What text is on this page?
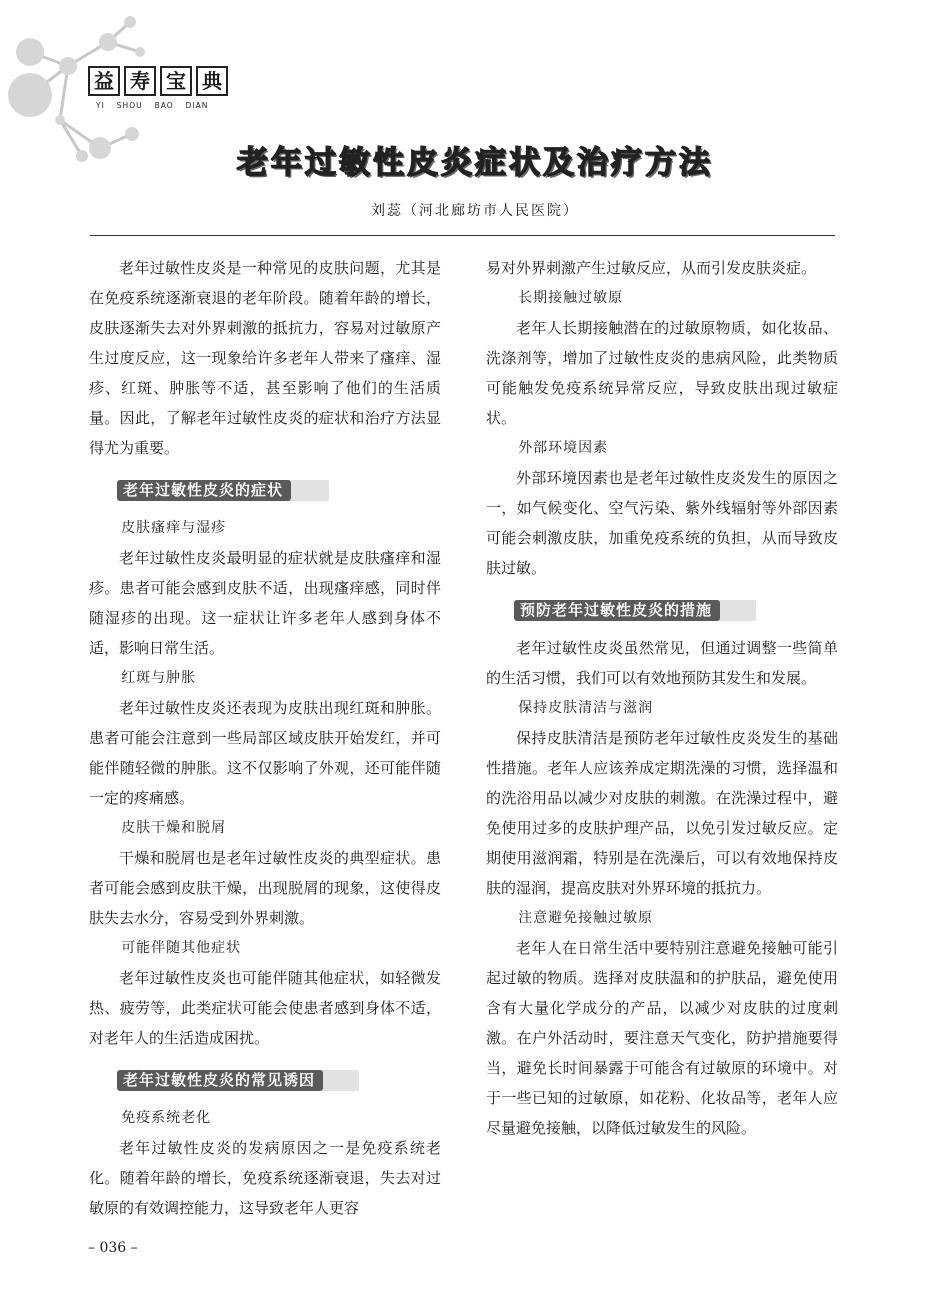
益 寿 宝 典
YI SHOU BAO DIAN
老年过敏性皮炎症状及治疗方法
刘蕊（河北廊坊市人民医院）

老年过敏性皮炎是一种常见的皮肤问题，尤其是在免疫系统逐渐衰退的老年阶段。随着年龄的增长，皮肤逐渐失去对外界刺激的抵抗力，容易对过敏原产生过度反应，这一现象给许多老年人带来了瘙痒、湿疹、红斑、肿胀等不适，甚至影响了他们的生活质量。因此，了解老年过敏性皮炎的症状和治疗方法显得尤为重要。

老年过敏性皮炎的症状
皮肤瘙痒与湿疹

老年过敏性皮炎最明显的症状就是皮肤瘙痒和湿疹。患者可能会感到皮肤不适，出现瘙痒感，同时伴随湿疹的出现。这一症状让许多老年人感到身体不适，影响日常生活。

红斑与肿胀

老年过敏性皮炎还表现为皮肤出现红斑和肿胀。患者可能会注意到一些局部区域皮肤开始发红，并可能伴随轻微的肿胀。这不仅影响了外观，还可能伴随一定的疼痛感。

皮肤干燥和脱屑

干燥和脱屑也是老年过敏性皮炎的典型症状。患者可能会感到皮肤干燥，出现脱屑的现象，这使得皮肤失去水分，容易受到外界刺激。

可能伴随其他症状

老年过敏性皮炎也可能伴随其他症状，如轻微发热、疲劳等，此类症状可能会使患者感到身体不适，对老年人的生活造成困扰。

老年过敏性皮炎的常见诱因
免疫系统老化

老年过敏性皮炎的发病原因之一是免疫系统老化。随着年龄的增长，免疫系统逐渐衰退，失去对过敏原的有效调控能力，这导致老年人更容

易对外界刺激产生过敏反应，从而引发皮肤炎症。

长期接触过敏原

老年人长期接触潜在的过敏原物质，如化妆品、洗涤剂等，增加了过敏性皮炎的患病风险，此类物质可能触发免疫系统异常反应，导致皮肤出现过敏症状。

外部环境因素

外部环境因素也是老年过敏性皮炎发生的原因之一，如气候变化、空气污染、紫外线辐射等外部因素可能会刺激皮肤，加重免疫系统的负担，从而导致皮肤过敏。

预防老年过敏性皮炎的措施

老年过敏性皮炎虽然常见，但通过调整一些简单的生活习惯，我们可以有效地预防其发生和发展。

保持皮肤清洁与滋润

保持皮肤清洁是预防老年过敏性皮炎发生的基础性措施。老年人应该养成定期洗澡的习惯，选择温和的洗浴用品以减少对皮肤的刺激。在洗澡过程中，避免使用过多的皮肤护理产品，以免引发过敏反应。定期使用滋润霜，特别是在洗澡后，可以有效地保持皮肤的湿润，提高皮肤对外界环境的抵抗力。

注意避免接触过敏原

老年人在日常生活中要特别注意避免接触可能引起过敏的物质。选择对皮肤温和的护肤品，避免使用含有大量化学成分的产品，以减少对皮肤的过度刺激。在户外活动时，要注意天气变化，防护措施要得当，避免长时间暴露于可能含有过敏原的环境中。对于一些已知的过敏原，如花粉、化妆品等，老年人应尽量避免接触，以降低过敏发生的风险。

– 036 –
